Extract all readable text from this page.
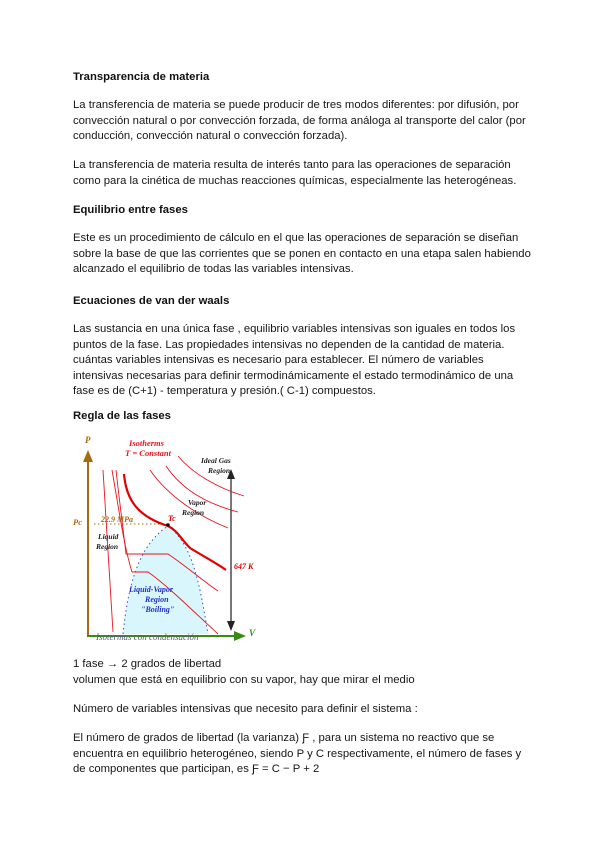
Transparencia de materia
La transferencia de materia se puede producir de tres modos diferentes: por difusión, por
convección natural o por convección forzada, de forma análoga al transporte del calor (por
conducción, convección natural o convección forzada).
La transferencia de materia resulta de interés tanto para las operaciones de separación
como para la cinética de muchas reacciones químicas, especialmente las heterogéneas.
Equilibrio entre fases
Este es un procedimiento de cálculo en el que las operaciones de separación se diseñan
sobre la base de que las corrientes que se ponen en contacto en una etapa salen habiendo
alcanzado el equilibrio de todas las variables intensivas.
Ecuaciones de van der waals
Las sustancia en una única fase , equilibrio variables intensivas son iguales en todos los
puntos de la fase. Las propiedades intensivas no dependen de la cantidad de materia.
cuántas variables intensivas es necesario para establecer. El número de variables
intensivas necesarias para definir termodinámicamente el estado termodinámico de una
fase es de (C+1) - temperatura y presión.( C-1) compuestos.
Regla de las fases
P
V
Pc 22.9 MPa	Tc
Isotherms
T = Constant
Ideal Gas
Region
Vapor
Region
Liquid
Region
647 K
Liquid-Vapor
Region
"Boiling"
Isotermas con condensación
1 fase → 2 grados de libertad
volumen que está en equilibrio con su vapor, hay que mirar el medio
Número de variables intensivas que necesito para definir el sistema :
El número de grados de libertad (la varianza) Ƒ , para un sistema no reactivo que se
encuentra en equilibrio heterogéneo, siendo P y C respectivamente, el número de fases y
de componentes que participan, es Ƒ = C − P + 2
